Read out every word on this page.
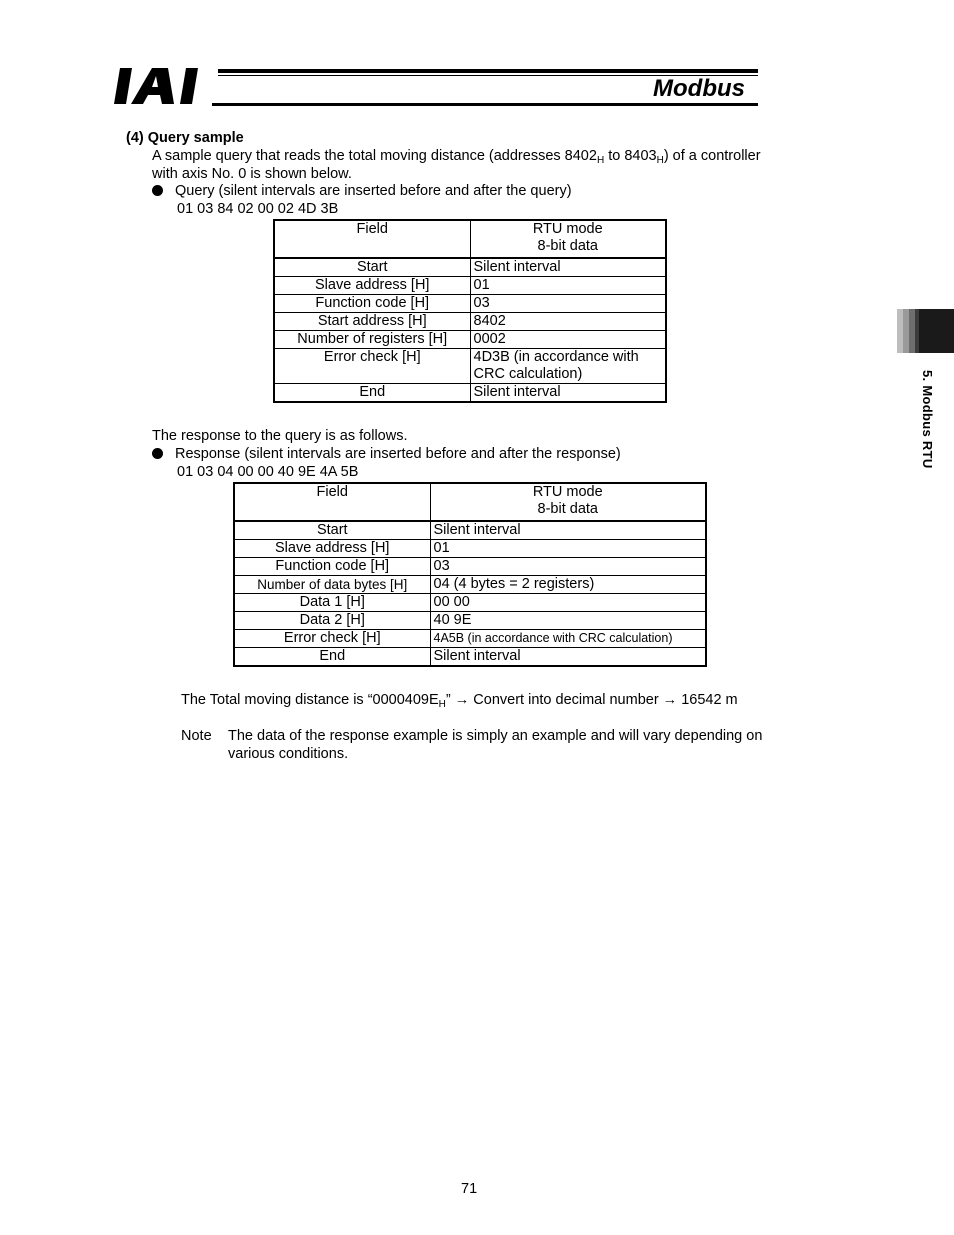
Modbus
5. Modbus RTU
(4) Query sample
A sample query that reads the total moving distance (addresses $8402_H$ to $8403_H$) of a controller
with axis No. 0 is shown below.
Query (silent intervals are inserted before and after the query)
01 03 84 02 00 02 4D 3B
Field	RTU mode
8-bit data
Start	Silent interval
Slave address [H]	01
Function code [H]	03
Start address [H]	8402
Number of registers [H]	0002
Error check [H]	4D3B (in accordance with
CRC calculation)
End	Silent interval
The response to the query is as follows.
Response (silent intervals are inserted before and after the response)
01 03 04 00 00 40 9E 4A 5B
Field	RTU mode
8-bit data
Start	Silent interval
Slave address [H]	01
Function code [H]	03
Number of data bytes [H]	04 (4 bytes = 2 registers)
Data 1 [H]	00 00
Data 2 [H]	40 9E
Error check [H]	4A5B (in accordance with CRC calculation)
End	Silent interval
The Total moving distance is “$0000409E_H$” → Convert into decimal number → 16542 m
Note The data of the response example is simply an example and will vary depending on
various conditions.
71
